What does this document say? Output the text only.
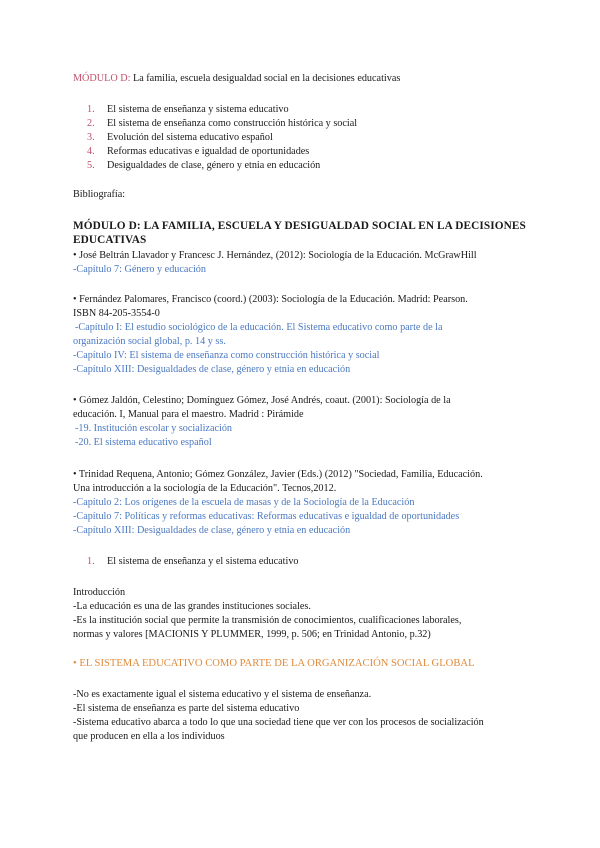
MÓDULO D: La familia, escuela desigualdad social en la decisiones educativas
1. El sistema de enseñanza y sistema educativo
2. El sistema de enseñanza como construcción histórica y social
3. Evolución del sistema educativo español
4. Reformas educativas e igualdad de oportunidades
5. Desigualdades de clase, género y etnia en educación
Bibliografía:
MÓDULO D: LA FAMILIA, ESCUELA Y DESIGUALDAD SOCIAL EN LA DECISIONES
EDUCATIVAS
• José Beltrán Llavador y Francesc J. Hernández, (2012): Sociología de la Educación. McGrawHill
-Capítulo 7: Género y educación
• Fernández Palomares, Francisco (coord.) (2003): Sociología de la Educación. Madrid: Pearson.
ISBN 84-205-3554-0
-Capítulo I: El estudio sociológico de la educación. El Sistema educativo como parte de la
organización social global, p. 14 y ss.
-Capítulo IV: El sistema de enseñanza como construcción histórica y social
-Capítulo XIII: Desigualdades de clase, género y etnia en educación
• Gómez Jaldón, Celestino; Domínguez Gómez, José Andrés, coaut. (2001): Sociología de la
educación. I, Manual para el maestro. Madrid : Pirámide
-19. Institución escolar y socialización
-20. El sistema educativo español
• Trinidad Requena, Antonio; Gómez González, Javier (Eds.) (2012) "Sociedad, Familia, Educación.
Una introducción a la sociología de la Educación". Tecnos,2012.
-Capítulo 2: Los orígenes de la escuela de masas y de la Sociología de la Educación
-Capítulo 7: Políticas y reformas educativas: Reformas educativas e igualdad de oportunidades
-Capítulo XIII: Desigualdades de clase, género y etnia en educación
1. El sistema de enseñanza y el sistema educativo
Introducción
-La educación es una de las grandes instituciones sociales.
-Es la institución social que permite la transmisión de conocimientos, cualificaciones laborales,
normas y valores [MACIONIS Y PLUMMER, 1999, p. 506; en Trinidad Antonio, p.32)
• EL SISTEMA EDUCATIVO COMO PARTE DE LA ORGANIZACIÓN SOCIAL GLOBAL
-No es exactamente igual el sistema educativo y el sistema de enseñanza.
-El sistema de enseñanza es parte del sistema educativo
-Sistema educativo abarca a todo lo que una sociedad tiene que ver con los procesos de socialización
que producen en ella a los individuos
